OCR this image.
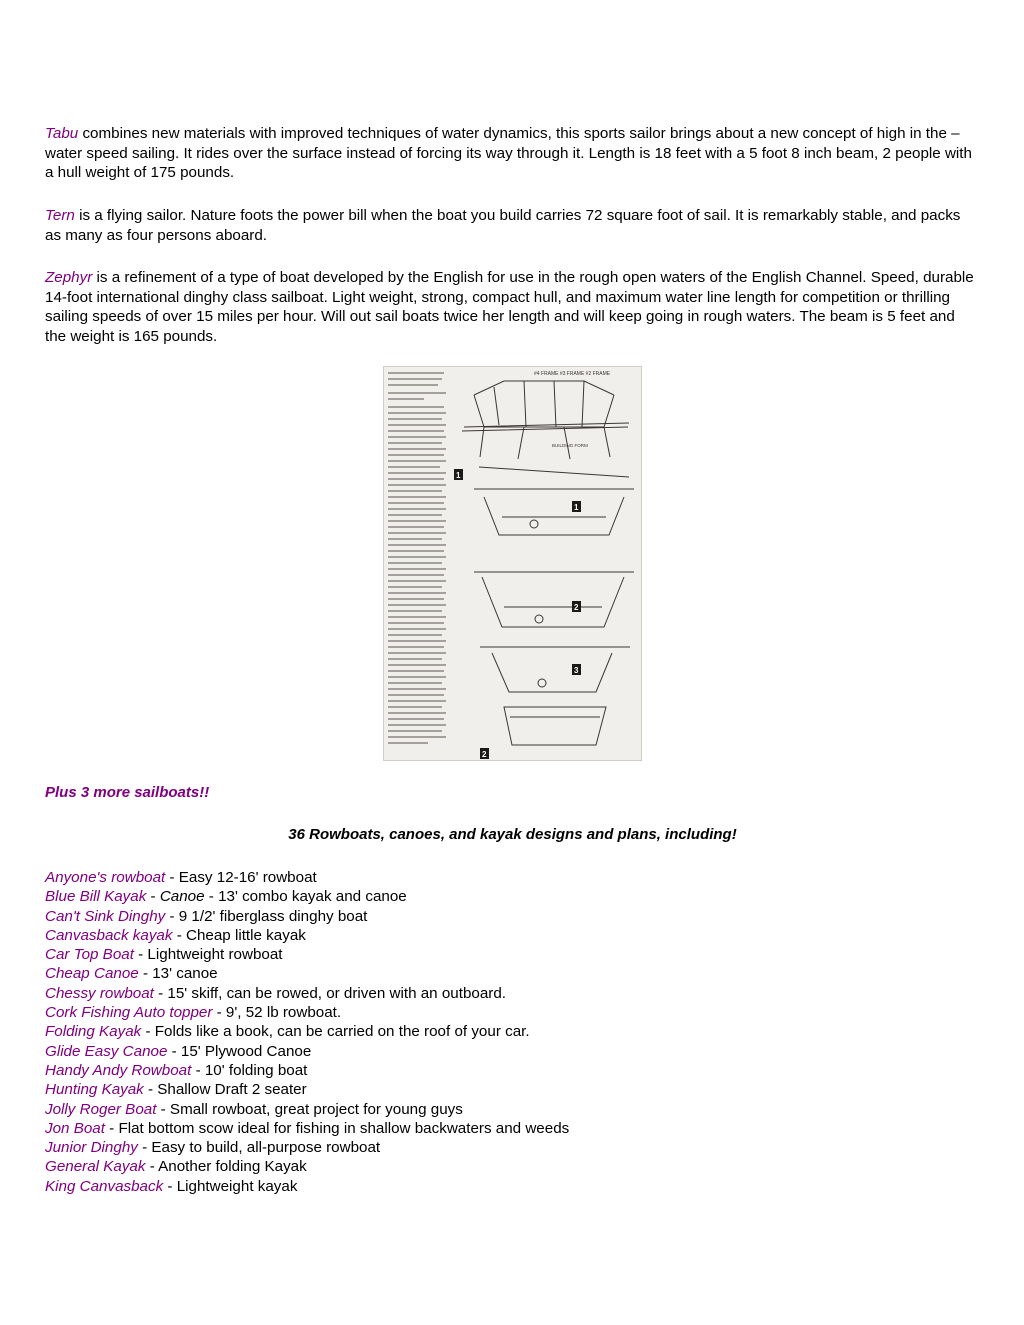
Tabu combines new materials with improved techniques of water dynamics, this sports sailor brings about a new concept of high in the –water speed sailing. It rides over the surface instead of forcing its way through it. Length is 18 feet with a 5 foot 8 inch beam, 2 people with a hull weight of 175 pounds.

Tern is a flying sailor. Nature foots the power bill when the boat you build carries 72 square foot of sail. It is remarkably stable, and packs as many as four persons aboard.

Zephyr is a refinement of a type of boat developed by the English for use in the rough open waters of the English Channel. Speed, durable 14-foot international dinghy class sailboat. Light weight, strong, compact hull, and maximum water line length for competition or thrilling sailing speeds of over 15 miles per hour. Will out sail boats twice her length and will keep going in rough waters. The beam is 5 feet and the weight is 165 pounds.

Plus 3 more sailboats!!
36 Rowboats, canoes, and kayak designs and plans, including!
Anyone's rowboat - Easy 12-16' rowboat
Blue Bill Kayak - Canoe - 13' combo kayak and canoe
Can't Sink Dinghy - 9 1/2' fiberglass dinghy boat
Canvasback kayak - Cheap little kayak
Car Top Boat - Lightweight rowboat
Cheap Canoe - 13' canoe
Chessy rowboat - 15' skiff, can be rowed, or driven with an outboard.
Cork Fishing Auto topper - 9', 52 lb rowboat.
Folding Kayak - Folds like a book, can be carried on the roof of your car.
Glide Easy Canoe - 15' Plywood Canoe
Handy Andy Rowboat - 10' folding boat
Hunting Kayak - Shallow Draft 2 seater
Jolly Roger Boat - Small rowboat, great project for young guys
Jon Boat - Flat bottom scow ideal for fishing in shallow backwaters and weeds
Junior Dinghy - Easy to build, all-purpose rowboat
General Kayak - Another folding Kayak
King Canvasback - Lightweight kayak
#4 FRAME #3 FRAME #2 FRAME
BUILDING FORM
1
1
2
3
2
